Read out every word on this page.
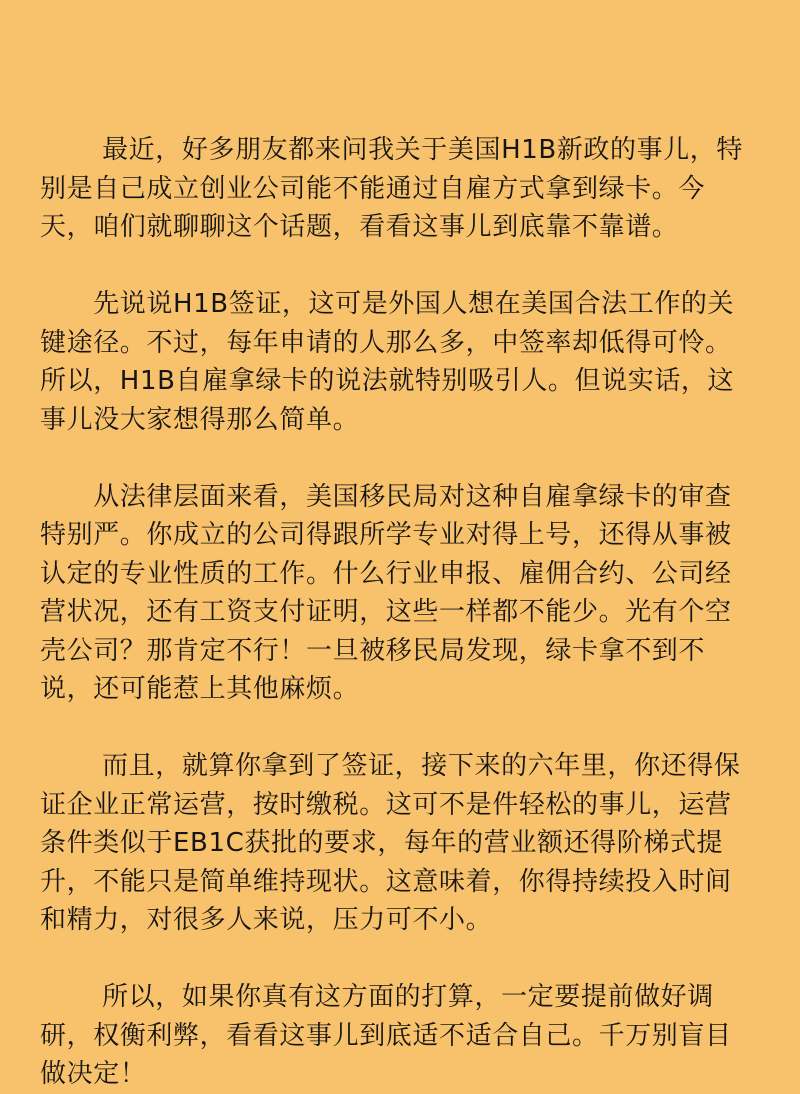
　　 最近，好多朋友都来问我关于美国H1B新政的事儿，特别是自己成立创业公司能不能通过自雇方式拿到绿卡。今天，咱们就聊聊这个话题，看看这事儿到底靠不靠谱。

　　先说说H1B签证，这可是外国人想在美国合法工作的关键途径。不过，每年申请的人那么多，中签率却低得可怜。所以，H1B自雇拿绿卡的说法就特别吸引人。但说实话，这事儿没大家想得那么简单。

　　从法律层面来看，美国移民局对这种自雇拿绿卡的审查特别严。你成立的公司得跟所学专业对得上号，还得从事被认定的专业性质的工作。什么行业申报、雇佣合约、公司经营状况，还有工资支付证明，这些一样都不能少。光有个空壳公司？那肯定不行！一旦被移民局发现，绿卡拿不到不说，还可能惹上其他麻烦。

　　 而且，就算你拿到了签证，接下来的六年里，你还得保证企业正常运营，按时缴税。这可不是件轻松的事儿，运营条件类似于EB1C获批的要求，每年的营业额还得阶梯式提升，不能只是简单维持现状。这意味着，你得持续投入时间和精力，对很多人来说，压力可不小。

　　 所以，如果你真有这方面的打算，一定要提前做好调研，权衡利弊，看看这事儿到底适不适合自己。千万别盲目做决定！
